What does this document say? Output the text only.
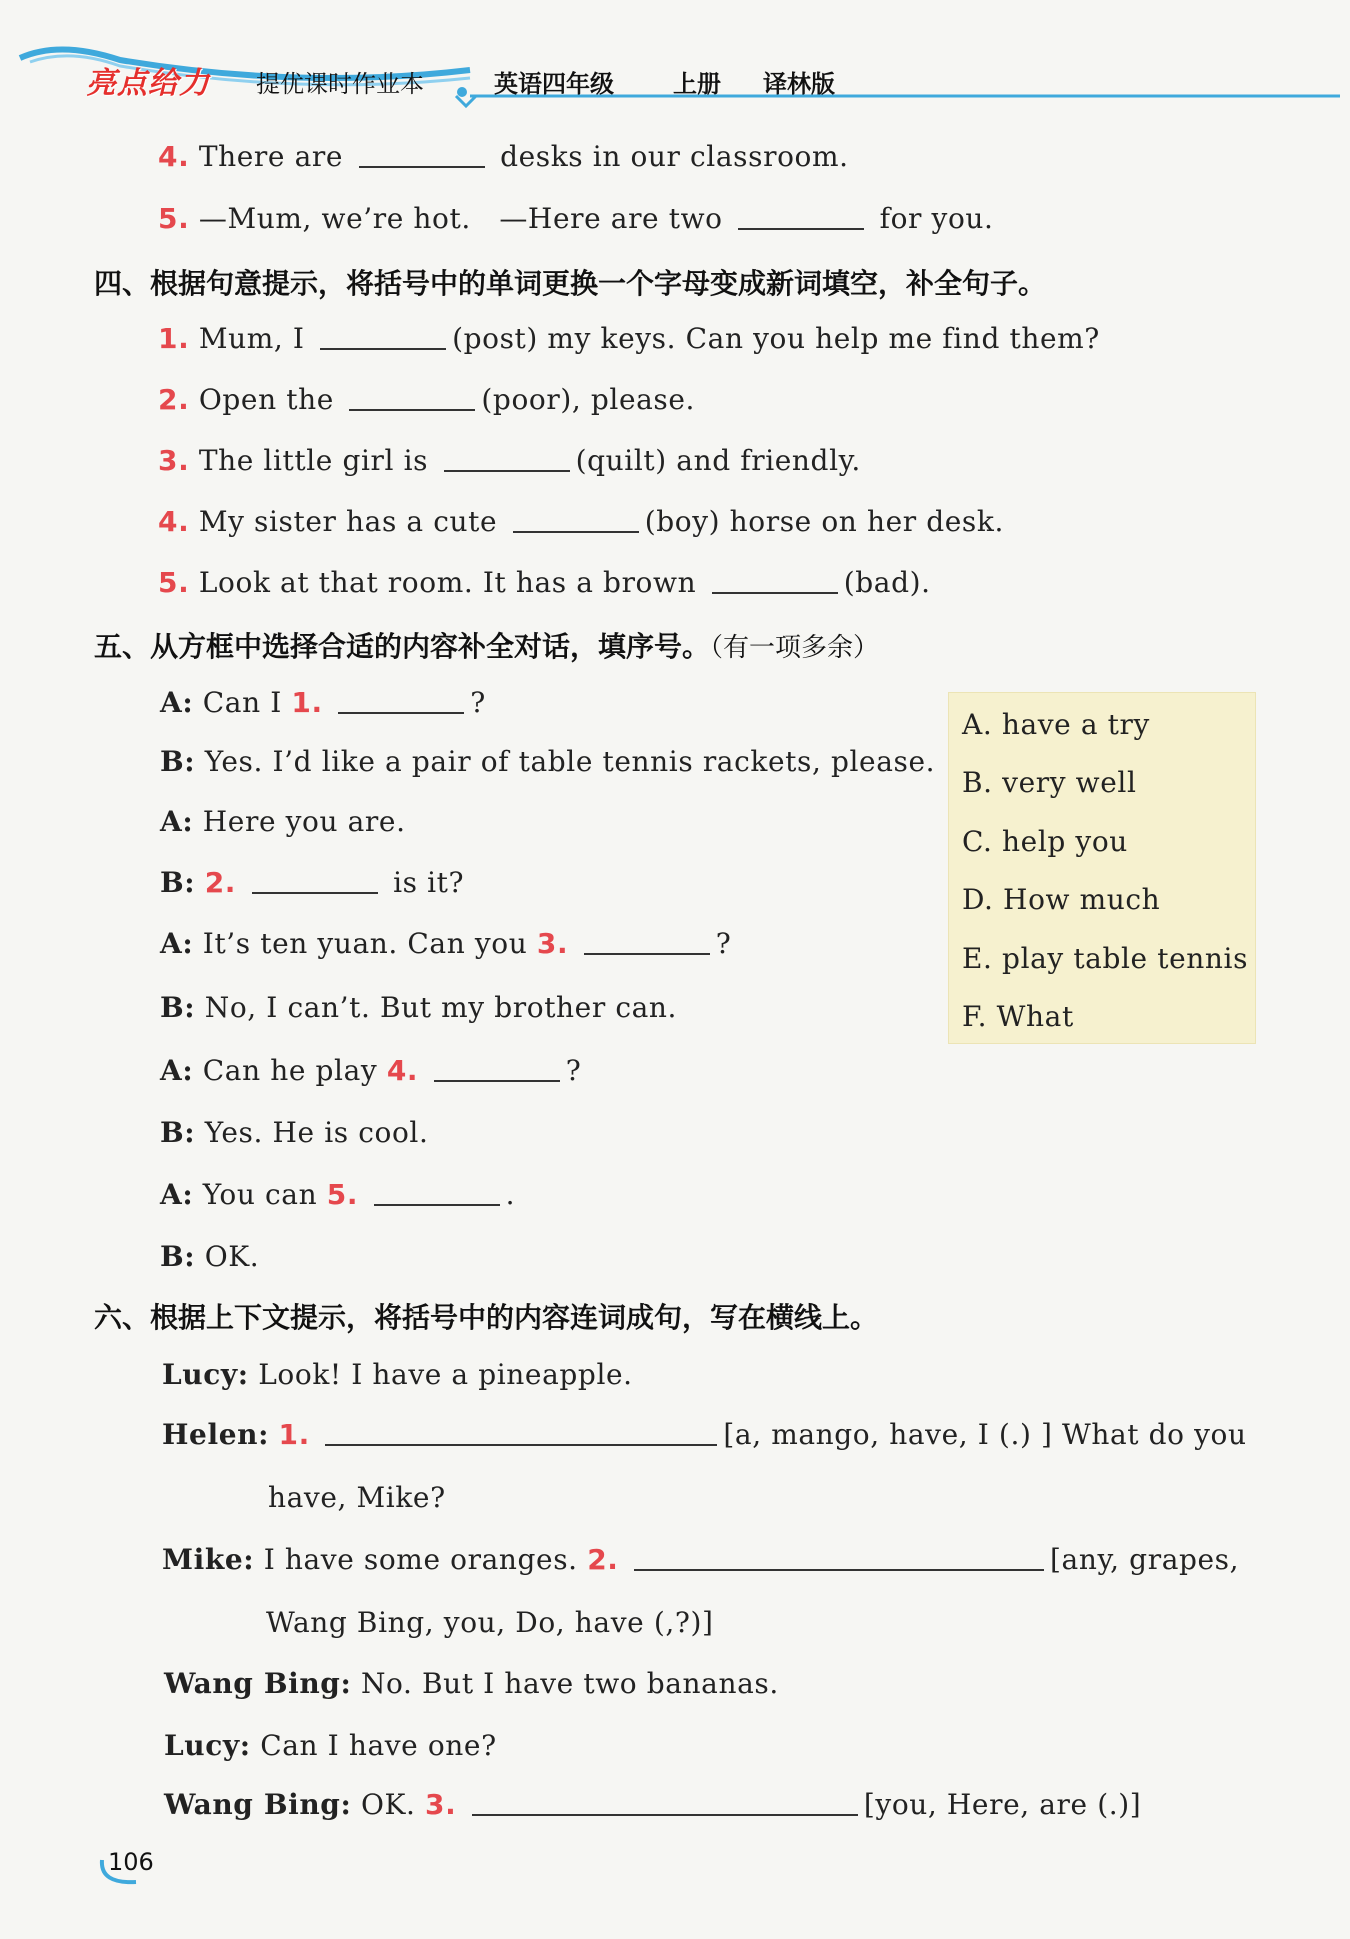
亮点给力 提优课时作业本	英语四年级 上册 译林版
4. There are	desks in our classroom.
5. —Mum, we’re hot.   —Here are two	for you.
四、根据句意提示，将括号中的单词更换一个字母变成新词填空，补全句子。
1. Mum, I	(post) my keys. Can you help me find them?
2. Open the	(poor), please.
3. The little girl is	(quilt) and friendly.
4. My sister has a cute	(boy) horse on her desk.
5. Look at that room. It has a brown	(bad).
五、从方框中选择合适的内容补全对话，填序号。（有一项多余）
A: Can I 1.	?
B: Yes. I’d like a pair of table tennis rackets, please.
A: Here you are.
B: 2.	is it?
A: It’s ten yuan. Can you 3.	?
B: No, I can’t. But my brother can.
A: Can he play 4.	?
B: Yes. He is cool.
A: You can 5.	.
B: OK.
A. have a try
B. very well
C. help you
D. How much
E. play table tennis
F. What
六、根据上下文提示，将括号中的内容连词成句，写在横线上。
Lucy: Look! I have a pineapple.
Helen: 1.	[a, mango, have, I (.) ] What do you
have, Mike?
Mike: I have some oranges. 2.	[any, grapes,
Wang Bing, you, Do, have (,?)]
Wang Bing: No. But I have two bananas.
Lucy: Can I have one?
Wang Bing: OK. 3.	[you, Here, are (.)]
106
